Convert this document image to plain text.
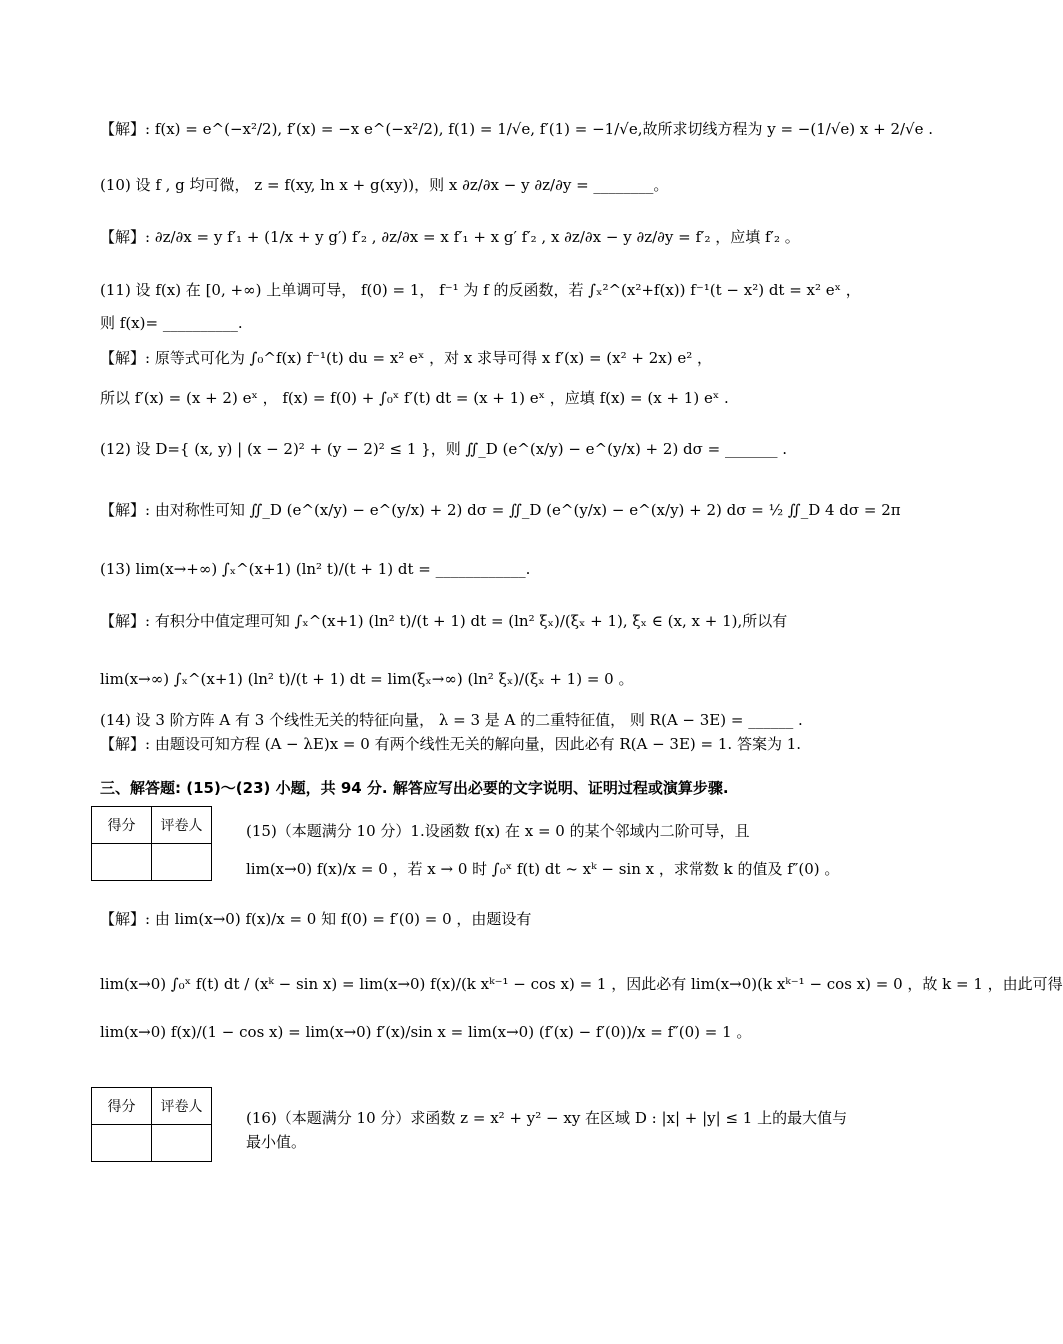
【解】: f(x) = e^(−x²/2), f′(x) = −x e^(−x²/2), f(1) = 1/√e, f′(1) = −1/√e,故所求切线方程为 y = −(1/√e) x + 2/√e .
(10) 设 f , g 均可微， z = f(xy, ln x + g(xy))，则 x ∂z/∂x − y ∂z/∂y = ________。
【解】: ∂z/∂x = y f′₁ + (1/x + y g′) f′₂ , ∂z/∂x = x f′₁ + x g′ f′₂ , x ∂z/∂x − y ∂z/∂y = f′₂ ，应填 f′₂ 。
(11) 设 f(x) 在 [0, +∞) 上单调可导， f(0) = 1， f⁻¹ 为 f 的反函数，若 ∫ₓ²^(x²+f(x)) f⁻¹(t − x²) dt = x² eˣ ，
则 f(x)= __________.
【解】: 原等式可化为 ∫₀^f(x) f⁻¹(t) du = x² eˣ ，对 x 求导可得 x f′(x) = (x² + 2x) e² ，
所以 f′(x) = (x + 2) eˣ ， f(x) = f(0) + ∫₀ˣ f′(t) dt = (x + 1) eˣ ，应填 f(x) = (x + 1) eˣ .
(12) 设 D={ (x, y) | (x − 2)² + (y − 2)² ≤ 1 }，则 ∬_D (e^(x/y) − e^(y/x) + 2) dσ = _______ .
【解】: 由对称性可知 ∬_D (e^(x/y) − e^(y/x) + 2) dσ = ∬_D (e^(y/x) − e^(x/y) + 2) dσ = ½ ∬_D 4 dσ = 2π
(13) lim(x→+∞) ∫ₓ^(x+1) (ln² t)/(t + 1) dt = ____________.
【解】: 有积分中值定理可知 ∫ₓ^(x+1) (ln² t)/(t + 1) dt = (ln² ξₓ)/(ξₓ + 1), ξₓ ∈ (x, x + 1),所以有
lim(x→∞) ∫ₓ^(x+1) (ln² t)/(t + 1) dt = lim(ξₓ→∞) (ln² ξₓ)/(ξₓ + 1) = 0 。
(14) 设 3 阶方阵 A 有 3 个线性无关的特征向量， λ = 3 是 A 的二重特征值， 则 R(A − 3E) = ______ .
【解】: 由题设可知方程 (A − λE)x = 0 有两个线性无关的解向量，因此必有 R(A − 3E) = 1. 答案为 1.
三、解答题: (15)～(23) 小题，共 94 分. 解答应写出必要的文字说明、证明过程或演算步骤.
得分	评卷人
		(15)（本题满分 10 分）1.设函数 f(x) 在 x = 0 的某个邻域内二阶可导，且
lim(x→0) f(x)/x = 0 ，若 x → 0 时 ∫₀ˣ f(t) dt ~ xᵏ − sin x ，求常数 k 的值及 f″(0) 。
【解】: 由 lim(x→0) f(x)/x = 0 知 f(0) = f′(0) = 0 ，由题设有
lim(x→0) ∫₀ˣ f(t) dt / (xᵏ − sin x) = lim(x→0) f(x)/(k xᵏ⁻¹ − cos x) = 1 ，因此必有 lim(x→0)(k xᵏ⁻¹ − cos x) = 0 ，故 k = 1 ，由此可得
lim(x→0) f(x)/(1 − cos x) = lim(x→0) f′(x)/sin x = lim(x→0) (f′(x) − f′(0))/x = f″(0) = 1 。
得分	评卷人

(16)（本题满分 10 分）求函数 z = x² + y² − xy 在区域 D : |x| + |y| ≤ 1 上的最大值与最小值。
